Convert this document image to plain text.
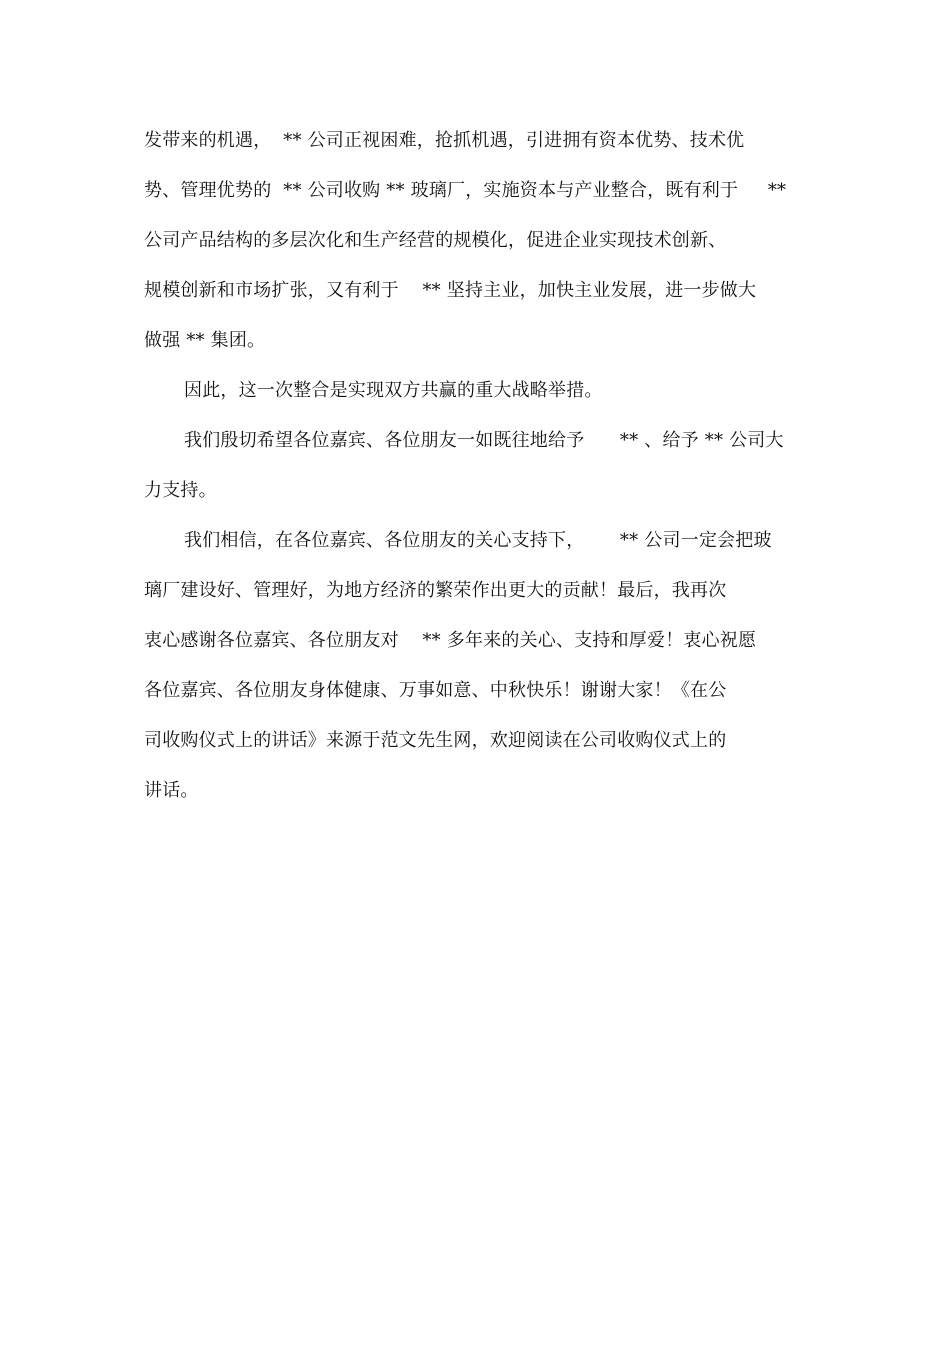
发带来的机遇，  ** 公司正视困难，抢抓机遇，引进拥有资本优势、技术优
势、管理优势的  ** 公司收购 ** 玻璃厂，实施资本与产业整合，既有利于     **
公司产品结构的多层次化和生产经营的规模化，促进企业实现技术创新、
规模创新和市场扩张，又有利于    ** 坚持主业，加快主业发展，进一步做大
做强 ** 集团。
因此，这一次整合是实现双方共赢的重大战略举措。
我们殷切希望各位嘉宾、各位朋友一如既往地给予      ** 、给予 ** 公司大
力支持。
我们相信，在各位嘉宾、各位朋友的关心支持下，      ** 公司一定会把玻
璃厂建设好、管理好，为地方经济的繁荣作出更大的贡献！最后，我再次
衷心感谢各位嘉宾、各位朋友对    ** 多年来的关心、支持和厚爱！衷心祝愿
各位嘉宾、各位朋友身体健康、万事如意、中秋快乐！谢谢大家！《在公
司收购仪式上的讲话》来源于范文先生网，欢迎阅读在公司收购仪式上的
讲话。
